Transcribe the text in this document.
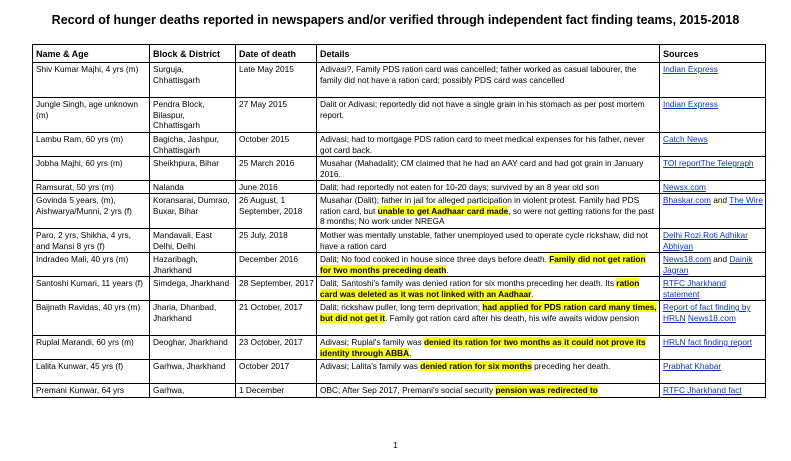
Record of hunger deaths reported in newspapers and/or verified through independent fact finding teams, 2015-2018
Name & Age	Block & District	Date of death	Details	Sources
Shiv Kumar Majhi, 4 yrs (m)	Surguja, Chhattisgarh	Late May 2015	Adivasi?, Family PDS ration card was cancelled; father worked as casual labourer, the family did not have a ration card; possibly PDS card was cancelled	Indian Express
Jungle Singh, age unknown (m)	Pendra Block, Bilaspur, Chhattisgarh	27 May 2015	Dalit or Adivasi; reportedly did not have a single grain in his stomach as per post mortem report.	Indian Express
Lambu Ram, 60 yrs (m)	Bagicha, Jashpur, Chhattisgarh	October 2015	Adivasi; had to mortgage PDS ration card to meet medical expenses for his father, never got card back.	Catch News
Jobha Majhi, 60 yrs (m)	Sheikhpura, Bihar	25 March 2016	Musahar (Mahadalit); CM claimed that he had an AAY card and had got grain in January 2016.	TOI reportThe Telegraph
Ramsurat, 50 yrs (m)	Nalanda	June 2016	Dalit; had reportedly not eaten for 10-20 days; survived by an 8 year old son	Newsx.com
Govinda 5 years, (m), Aishwarya/Munni, 2 yrs (f)	Koransarai, Dumrao, Buxar, Bihar	26 August, 1 September, 2018	Musahar (Dalit); father in jail for alleged participation in violent protest. Family had PDS ration card, but unable to get Aadhaar card made, so were not getting rations for the past 8 months; No work under NREGA	Bhaskar.com and The Wire
Paro, 2 yrs, Shikha, 4 yrs, and Mansi 8 yrs (f)	Mandavali, East Delhi, Delhi	25 July, 2018	Mother was mentally unstable, father unemployed used to operate cycle rickshaw, did not have a ration card	Delhi Rozi Roti Adhikar Abhiyan
Indradeo Mali, 40 yrs (m)	Hazaribagh, Jharkhand	December 2016	Dalit; No food cooked in house since three days before death. Family did not get ration for two months preceding death.	News18.com and Dainik Jagran
Santoshi Kumari, 11 years (f)	Simdega, Jharkhand	28 September, 2017	Dalit; Santoshi's family was denied ration for six months preceding her death. Its ration card was deleted as it was not linked with an Aadhaar.	RTFC Jharkhand statement
Baijnath Ravidas, 40 yrs (m)	Jharia, Dhanbad, Jharkhand	21 October, 2017	Dalit; rickshaw puller, long term deprivation; had applied for PDS ration card many times, but did not get it. Family got ration card after his death, his wife awaits widow pension	Report of fact finding by HRLN News18.com
Ruplal Marandi, 60 yrs (m)	Deoghar, Jharkhand	23 October, 2017	Adivasi; Ruplal's family was denied its ration for two months as it could not prove its identity through ABBA.	HRLN fact finding report
Lalita Kunwar, 45 yrs (f)	Garhwa, Jharkhand	October 2017	Adivasi; Lalita's family was denied ration for six months preceding her death.	Prabhat Khabar
Premani Kunwar, 64 yrs	Garhwa,	1 December	OBC; After Sep 2017, Premani's social security pension was redirected to	RTFC Jharkhand fact
1
